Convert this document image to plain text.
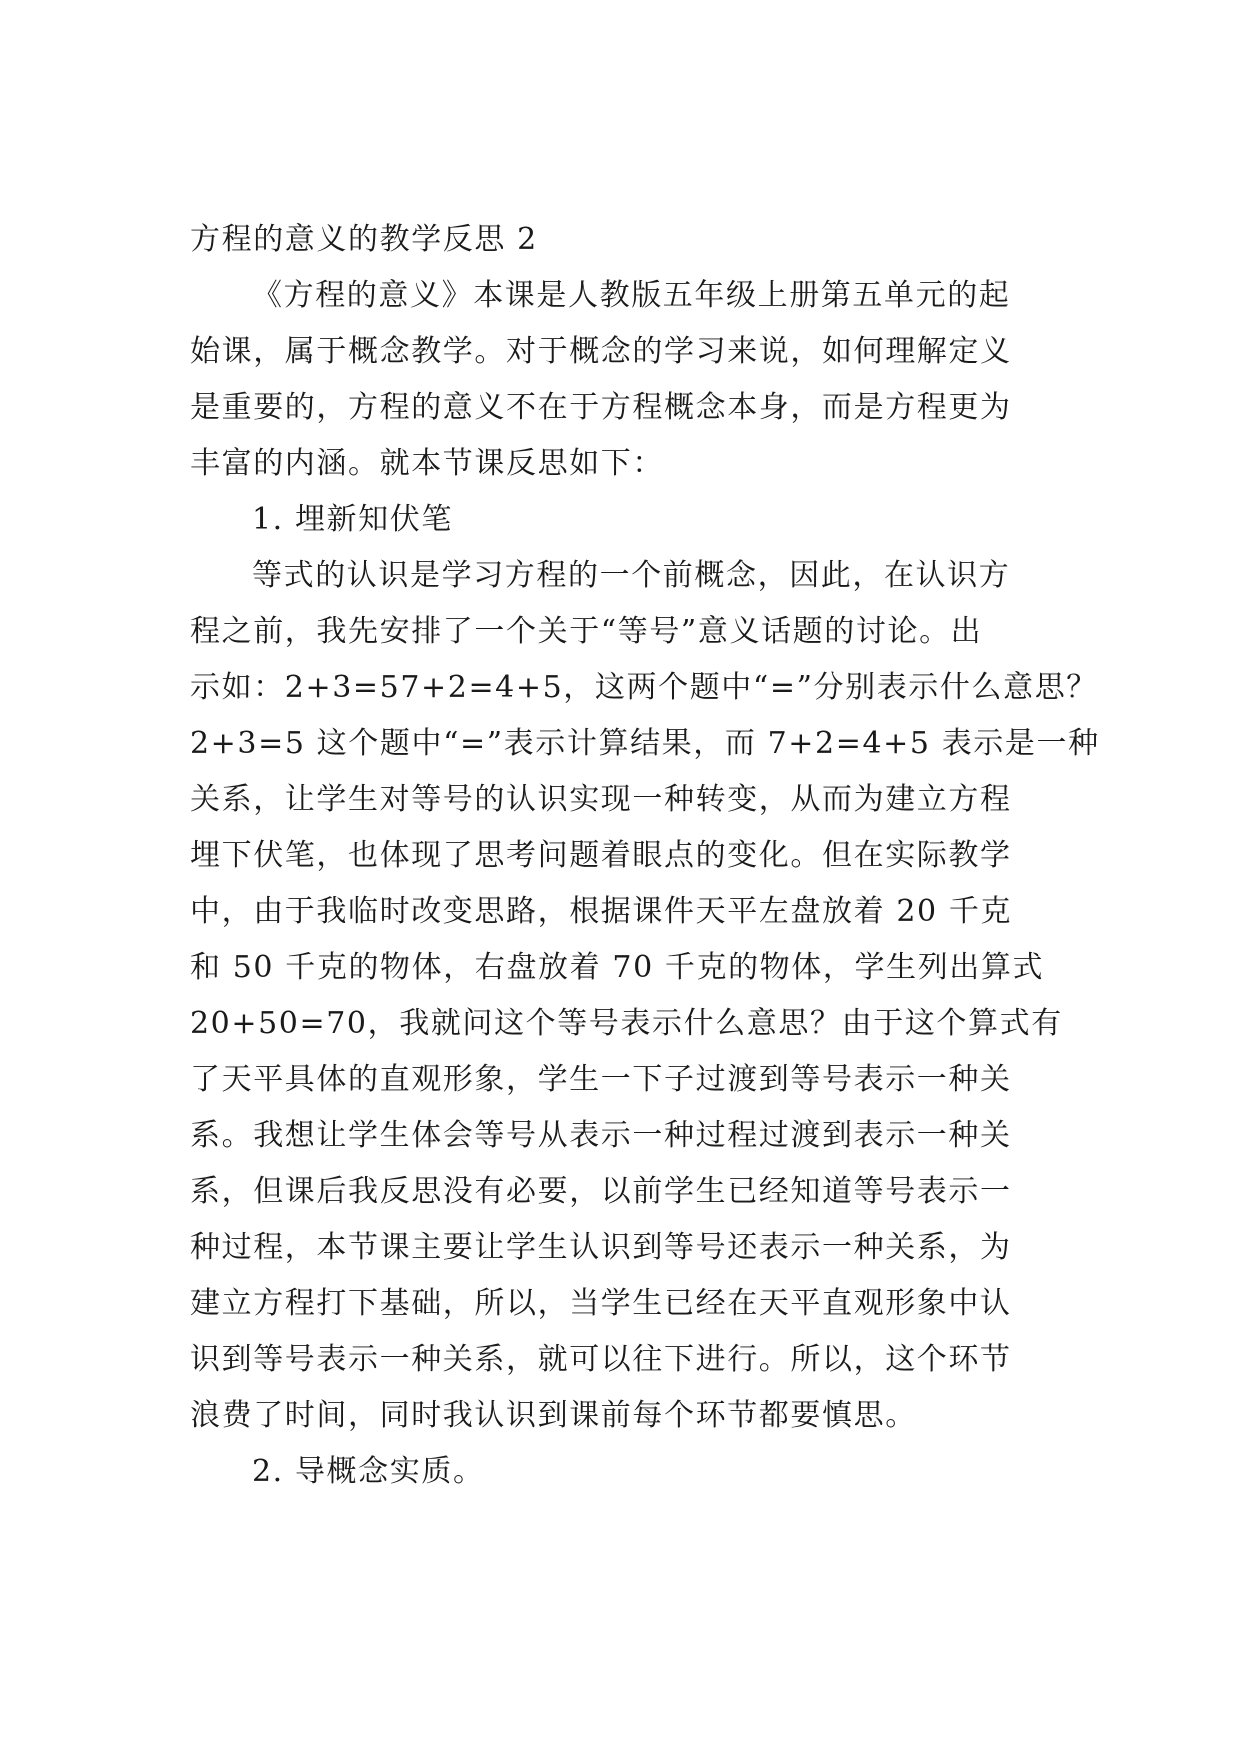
方程的意义的教学反思 2
《方程的意义》本课是人教版五年级上册第五单元的起
始课，属于概念教学。对于概念的学习来说，如何理解定义
是重要的，方程的意义不在于方程概念本身，而是方程更为
丰富的内涵。就本节课反思如下：
1. 埋新知伏笔
等式的认识是学习方程的一个前概念，因此，在认识方
程之前，我先安排了一个关于“等号”意义话题的讨论。出
示如：2+3=57+2=4+5，这两个题中“=”分别表示什么意思？
2+3=5 这个题中“=”表示计算结果，而 7+2=4+5 表示是一种
关系，让学生对等号的认识实现一种转变，从而为建立方程
埋下伏笔，也体现了思考问题着眼点的变化。但在实际教学
中，由于我临时改变思路，根据课件天平左盘放着 20 千克
和 50 千克的物体，右盘放着 70 千克的物体，学生列出算式
20+50=70，我就问这个等号表示什么意思？由于这个算式有
了天平具体的直观形象，学生一下子过渡到等号表示一种关
系。我想让学生体会等号从表示一种过程过渡到表示一种关
系，但课后我反思没有必要，以前学生已经知道等号表示一
种过程，本节课主要让学生认识到等号还表示一种关系，为
建立方程打下基础，所以，当学生已经在天平直观形象中认
识到等号表示一种关系，就可以往下进行。所以，这个环节
浪费了时间，同时我认识到课前每个环节都要慎思。
2. 导概念实质。
